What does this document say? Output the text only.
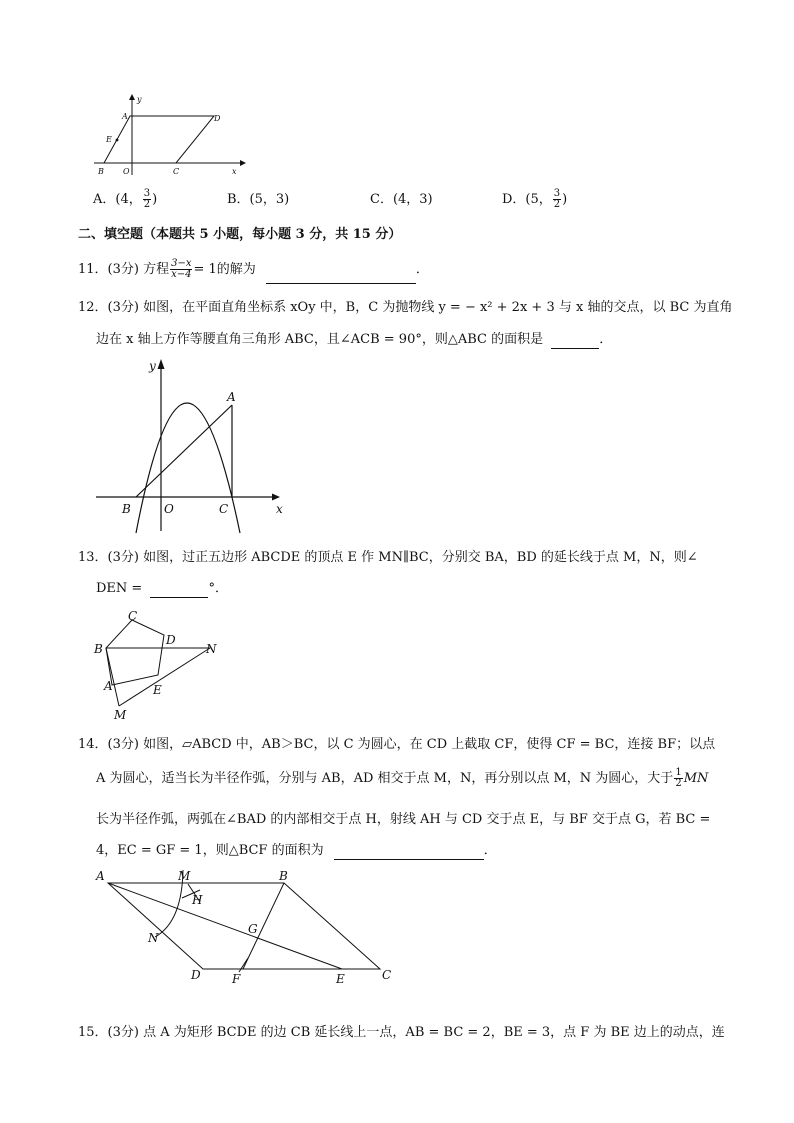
y
x
A	D
E
B O	C
A．(4， $\frac{3}{2}$ )	B．(5，3)	C．(4，3)	D．(5， $\frac{3}{2}$ )
二、填空题（本题共 5 小题，每小题 3 分，共 15 分）
11．(3分) 方程 $\frac{3-x}{x-4} = 1$的解为	．
12．(3分) 如图，在平面直角坐标系 xOy 中，B，C 为抛物线 y = − x² + 2x + 3 与 x 轴的交点，以 BC 为直角
边在 x 轴上方作等腰直角三角形 ABC，且∠ACB = 90°，则△ABC 的面积是	．
y
A
B	O	C	x
13．(3分) 如图，过正五边形 ABCDE 的顶点 E 作 MN∥BC，分别交 BA，BD 的延长线于点 M，N，则∠
DEN =	°．
C
B
D
N
A	E
M
14．(3分) 如图，▱ABCD 中，AB＞BC，以 C 为圆心，在 CD 上截取 CF，使得 CF = BC，连接 BF；以点
A 为圆心，适当长为半径作弧，分别与 AB，AD 相交于点 M，N，再分别以点 M，N 为圆心，大于 $\frac{1}{2}$ MN
长为半径作弧，两弧在∠BAD 的内部相交于点 H，射线 AH 与 CD 交于点 E，与 BF 交于点 G，若 BC =
4，EC = GF = 1，则△BCF 的面积为	．
A	M	B
H
G
N
D	F	E	C
15．(3分) 点 A 为矩形 BCDE 的边 CB 延长线上一点，AB = BC = 2，BE = 3，点 F 为 BE 边上的动点，连
